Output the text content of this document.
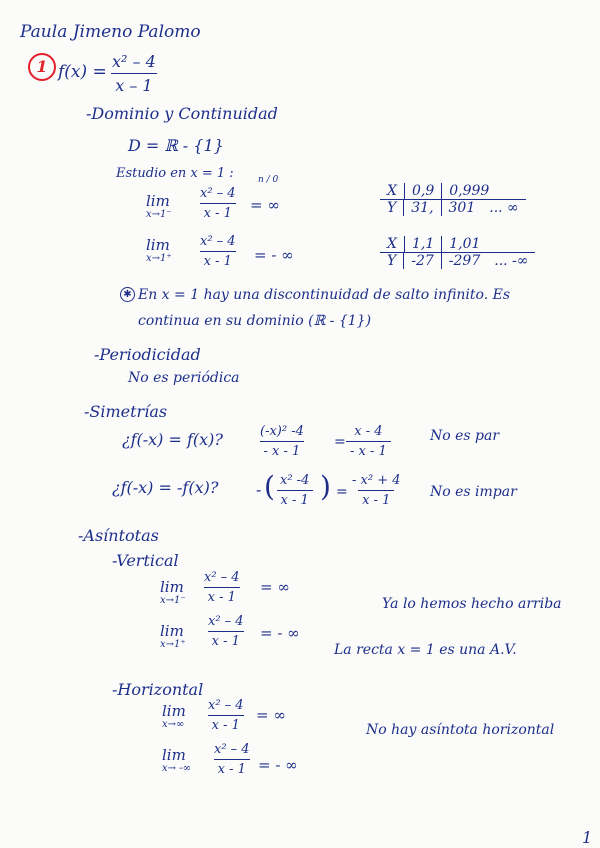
Paula Jimeno Palomo
1 $f(x) = \frac{\text{x² – 4}}{x - 1}$
-Dominio y Continuidad
D = ℝ - {1}
Estudio en x = 1 :
lim
$x\to 1^- \frac{\text{x² – 4}}{x - 1}$
n / 0
= ∞
lim
$x\to 1^+ \frac{\text{x² – 4}}{x - 1}$ = - ∞
X	0,9	0,999
Y	31,	301	... ∞
X	1,1	1,01
Y	-27	-297	... -∞
✱ En x = 1 hay una discontinuidad de salto infinito. Es
continua en su dominio (ℝ - {1})
-Periodicidad
No es periódica
-Simetrías
¿f(-x) = f(x)?	$\frac{\text{(-x)² -4}}{- x - 1} = \frac{x - 4}{- x - 1}$	No es par
¿f(-x) = -f(x)? - ( $\frac{\text{x² -4}}{x - 1}$ ) = $\frac{\text{- x² + 4}}{x - 1}$ No es impar
-Asíntotas
-Vertical
lim
$x\to 1^- \frac{\text{x² – 4}}{x - 1}$ = ∞
lim
$x\to 1^+ \frac{\text{x² – 4}}{x - 1}$ = - ∞
Ya lo hemos hecho arriba
La recta x = 1 es una A.V.
-Horizontal
lim
$x\to\infty \frac{\text{x² – 4}}{x - 1}$ = ∞
lim
x→ -∞ $\frac{\text{x² – 4}}{x - 1}$ = - ∞
No hay asíntota horizontal
1
